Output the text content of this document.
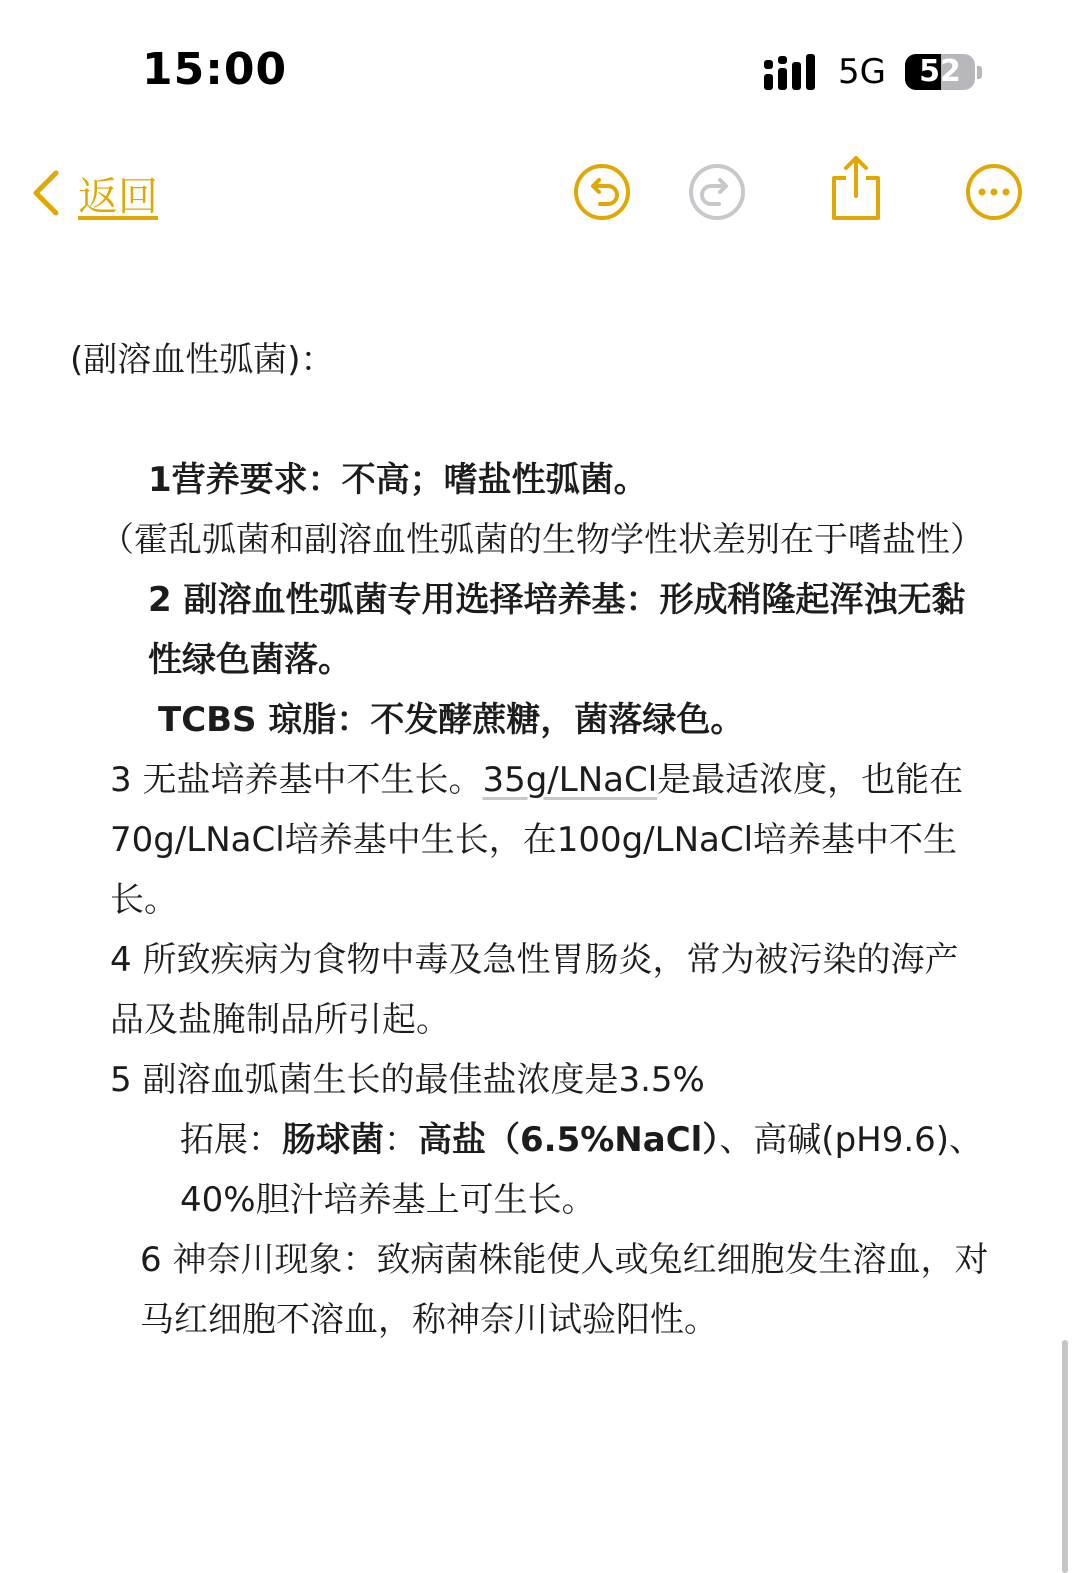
15:00	5G	52
返回

(副溶血性弧菌)：

1营养要求：不高；嗜盐性弧菌。

（霍乱弧菌和副溶血性弧菌的生物学性状差别在于嗜盐性）

2 副溶血性弧菌专用选择培养基：形成稍隆起浑浊无黏性绿色菌落。

TCBS 琼脂：不发酵蔗糖，菌落绿色。

3 无盐培养基中不生长。35g/LNaCl是最适浓度，也能在70g/LNaCl培养基中生长，在100g/LNaCl培养基中不生长。

4 所致疾病为食物中毒及急性胃肠炎，常为被污染的海产品及盐腌制品所引起。

5 副溶血弧菌生长的最佳盐浓度是3.5%

拓展：肠球菌：高盐（6.5%NaCl）、高碱(pH9.6)、40%胆汁培养基上可生长。

6 神奈川现象：致病菌株能使人或兔红细胞发生溶血，对马红细胞不溶血，称神奈川试验阳性。
